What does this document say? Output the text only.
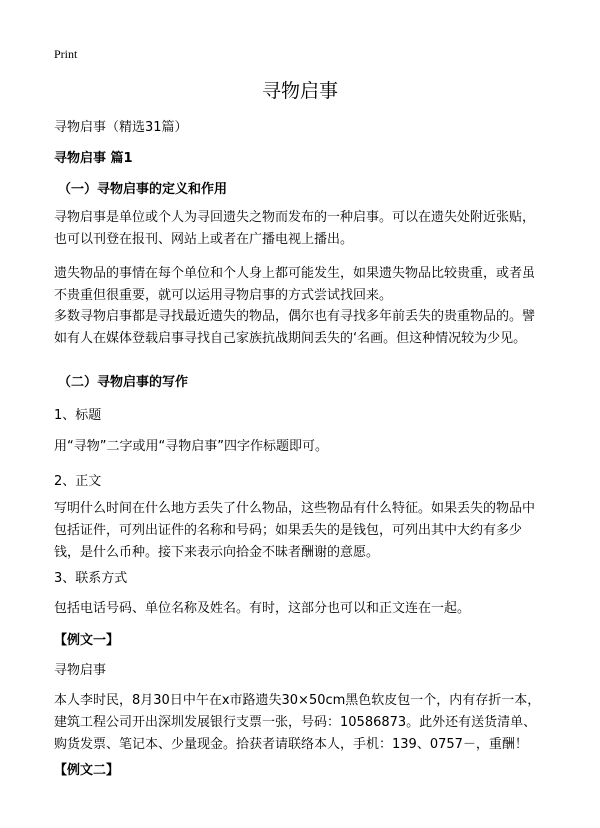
Print
寻物启事
寻物启事（精选31篇）
寻物启事 篇1
（一）寻物启事的定义和作用
寻物启事是单位或个人为寻回遗失之物而发布的一种启事。可以在遗失处附近张贴，也可以刊登在报刊、网站上或者在广播电视上播出。
遗失物品的事情在每个单位和个人身上都可能发生，如果遗失物品比较贵重，或者虽不贵重但很重要，就可以运用寻物启事的方式尝试找回来。
多数寻物启事都是寻找最近遗失的物品，偶尔也有寻找多年前丢失的贵重物品的。譬如有人在媒体登载启事寻找自己家族抗战期间丢失的‘名画。但这种情况较为少见。
（二）寻物启事的写作
1、标题
用“寻物”二字或用“寻物启事”四字作标题即可。
2、正文
写明什么时间在什么地方丢失了什么物品，这些物品有什么特征。如果丢失的物品中包括证件，可列出证件的名称和号码；如果丢失的是钱包，可列出其中大约有多少钱，是什么币种。接下来表示向拾金不昧者酬谢的意愿。
3、联系方式
包括电话号码、单位名称及姓名。有时，这部分也可以和正文连在一起。
【例文一】
寻物启事
本人李时民，8月30日中午在x市路遗失30×50cm黑色软皮包一个，内有存折一本，建筑工程公司开出深圳发展银行支票一张，号码：10586873。此外还有送货清单、购货发票、笔记本、少量现金。拾获者请联络本人，手机：139、0757－，重酬！
【例文二】
